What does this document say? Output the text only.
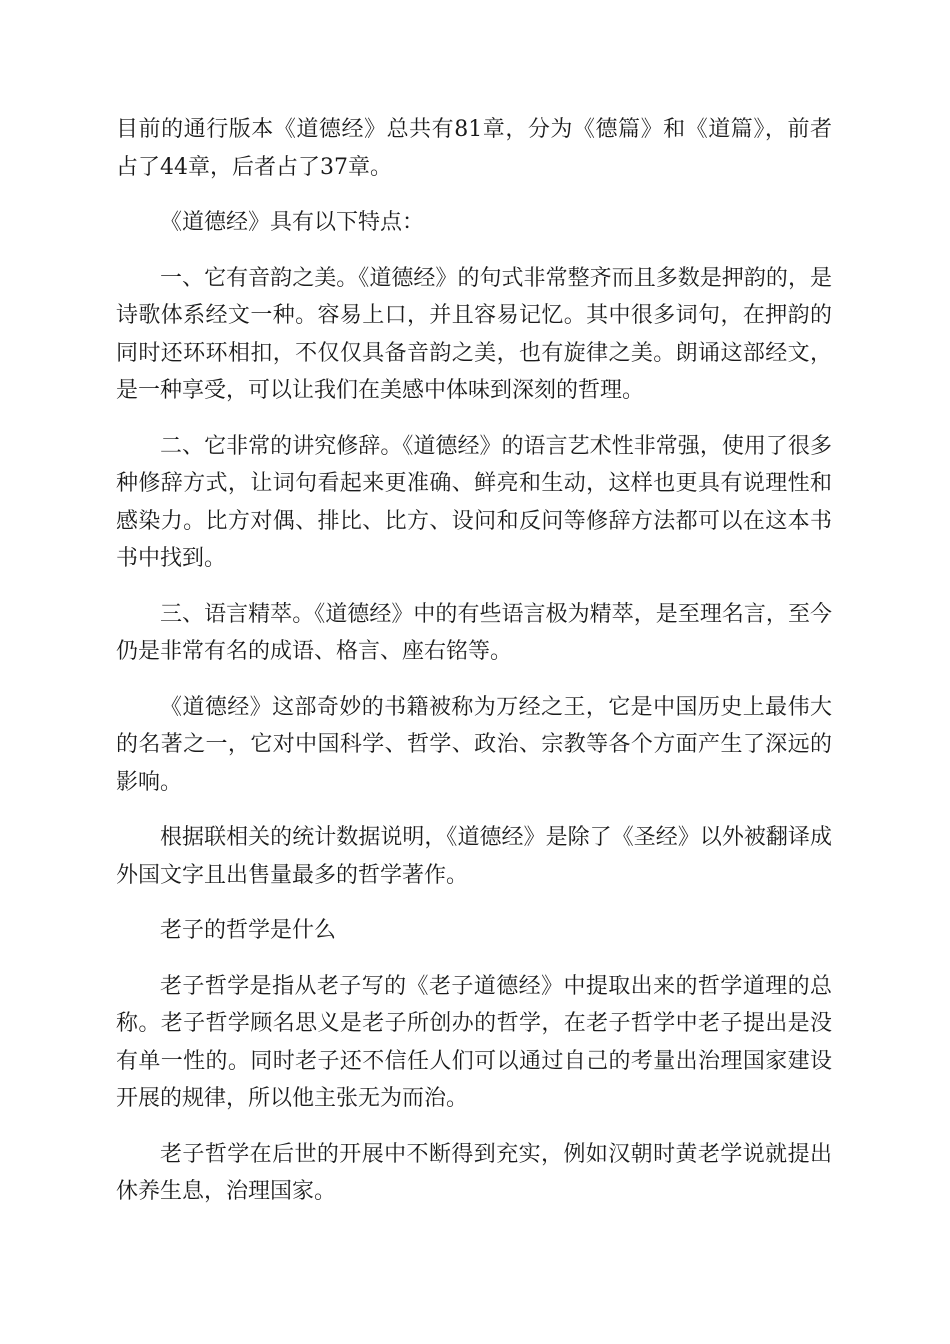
目前的通行版本《道德经》总共有81章，分为《德篇》和《道篇》，前者占了44章，后者占了37章。

《道德经》具有以下特点：

一、它有音韵之美。《道德经》的句式非常整齐而且多数是押韵的，是诗歌体系经文一种。容易上口，并且容易记忆。其中很多词句，在押韵的同时还环环相扣，不仅仅具备音韵之美，也有旋律之美。朗诵这部经文，是一种享受，可以让我们在美感中体味到深刻的哲理。

二、它非常的讲究修辞。《道德经》的语言艺术性非常强，使用了很多种修辞方式，让词句看起来更准确、鲜亮和生动，这样也更具有说理性和感染力。比方对偶、排比、比方、设问和反问等修辞方法都可以在这本书书中找到。

三、语言精萃。《道德经》中的有些语言极为精萃，是至理名言，至今仍是非常有名的成语、格言、座右铭等。

《道德经》这部奇妙的书籍被称为万经之王，它是中国历史上最伟大的名著之一，它对中国科学、哲学、政治、宗教等各个方面产生了深远的影响。

根据联相关的统计数据说明，《道德经》是除了《圣经》以外被翻译成外国文字且出售量最多的哲学著作。

老子的哲学是什么

老子哲学是指从老子写的《老子道德经》中提取出来的哲学道理的总称。老子哲学顾名思义是老子所创办的哲学，在老子哲学中老子提出是没有单一性的。同时老子还不信任人们可以通过自己的考量出治理国家建设开展的规律，所以他主张无为而治。

老子哲学在后世的开展中不断得到充实，例如汉朝时黄老学说就提出休养生息，治理国家。
